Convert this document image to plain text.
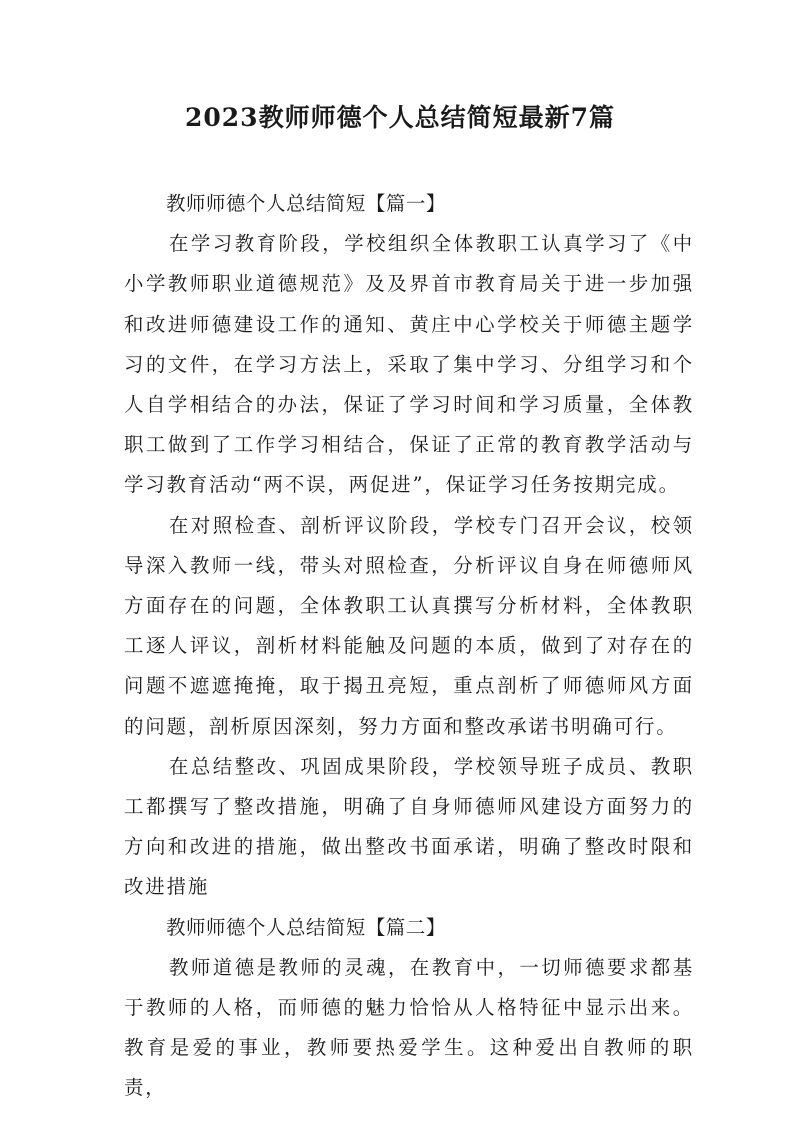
2023教师师德个人总结简短最新7篇

教师师德个人总结简短【篇一】

在学习教育阶段，学校组织全体教职工认真学习了《中小学教师职业道德规范》及及界首市教育局关于进一步加强和改进师德建设工作的通知、黄庄中心学校关于师德主题学习的文件，在学习方法上，采取了集中学习、分组学习和个人自学相结合的办法，保证了学习时间和学习质量，全体教职工做到了工作学习相结合，保证了正常的教育教学活动与学习教育活动“两不误，两促进”，保证学习任务按期完成。

在对照检查、剖析评议阶段，学校专门召开会议，校领导深入教师一线，带头对照检查，分析评议自身在师德师风方面存在的问题，全体教职工认真撰写分析材料，全体教职工逐人评议，剖析材料能触及问题的本质，做到了对存在的问题不遮遮掩掩，取于揭丑亮短，重点剖析了师德师风方面的问题，剖析原因深刻，努力方面和整改承诺书明确可行。

在总结整改、巩固成果阶段，学校领导班子成员、教职工都撰写了整改措施，明确了自身师德师风建设方面努力的方向和改进的措施，做出整改书面承诺，明确了整改时限和改进措施

教师师德个人总结简短【篇二】

教师道德是教师的灵魂，在教育中，一切师德要求都基于教师的人格，而师德的魅力恰恰从人格特征中显示出来。教育是爱的事业，教师要热爱学生。这种爱出自教师的职责，
